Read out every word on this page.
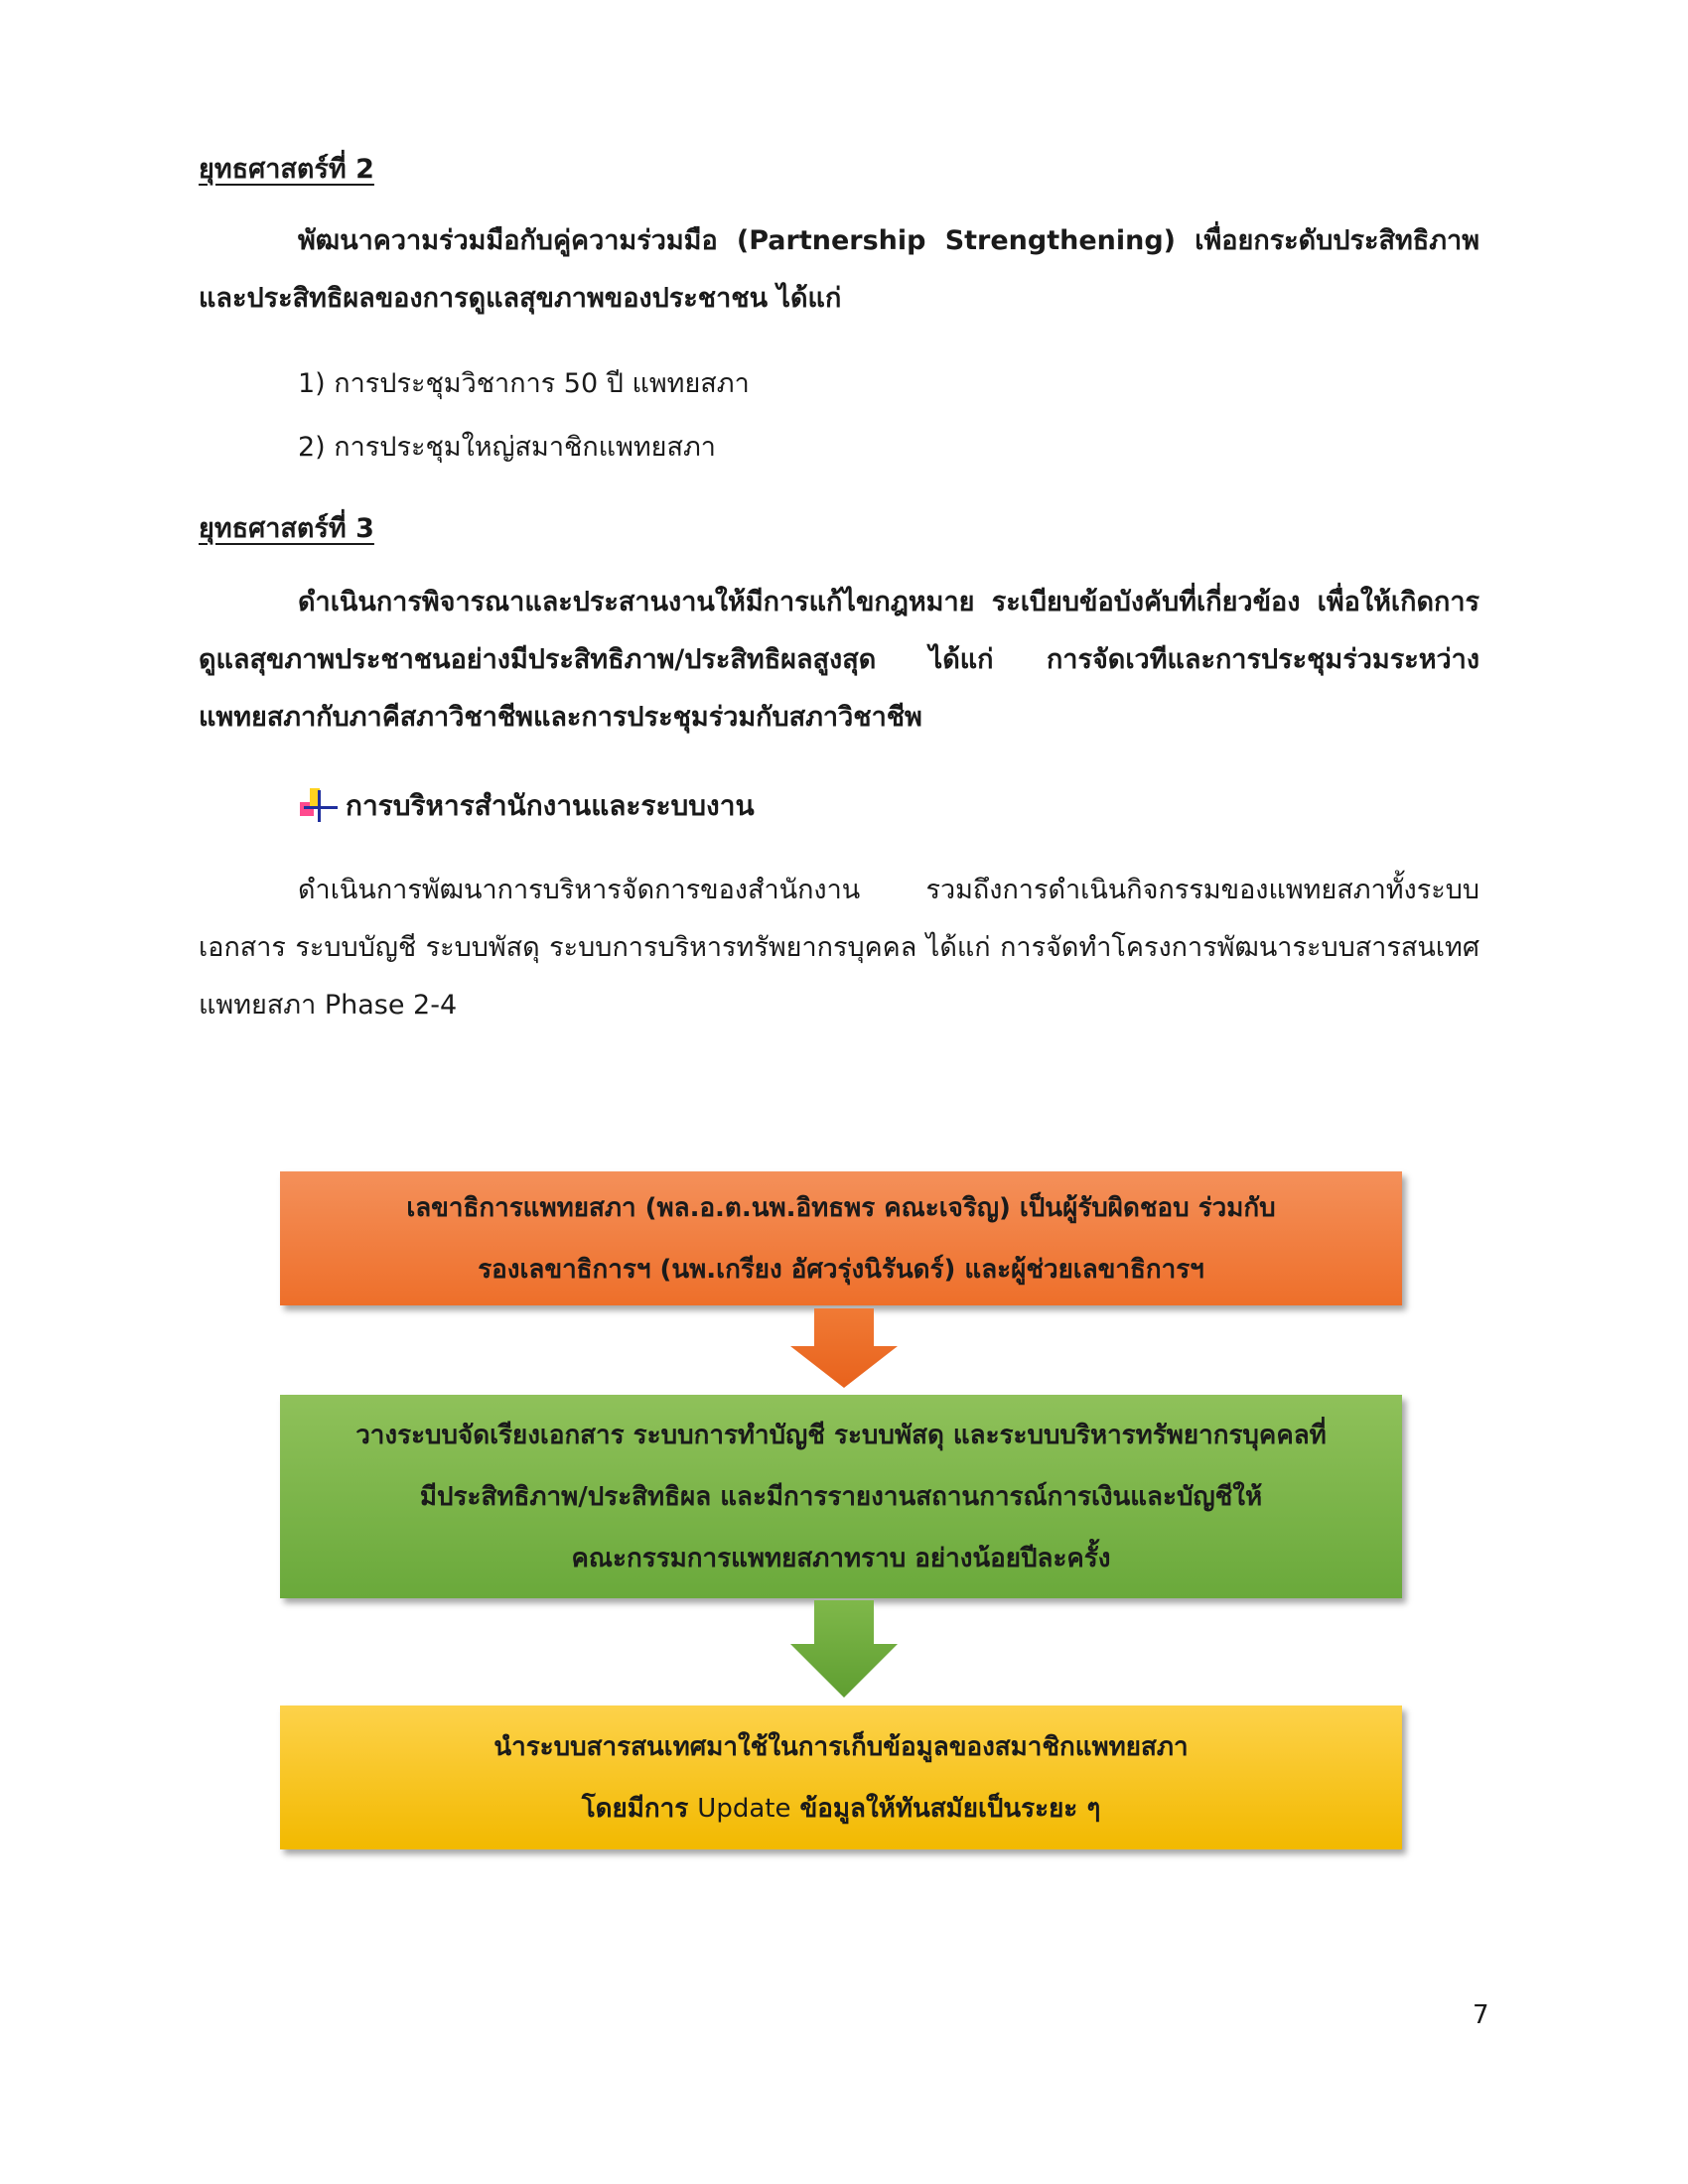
ยุทธศาสตร์ที่ 2

พัฒนาความร่วมมือกับคู่ความร่วมมือ (Partnership Strengthening) เพื่อยกระดับประสิทธิภาพและประสิทธิผลของการดูแลสุขภาพของประชาชน ได้แก่

1) การประชุมวิชาการ 50 ปี แพทยสภา
2) การประชุมใหญ่สมาชิกแพทยสภา
ยุทธศาสตร์ที่ 3

ดำเนินการพิจารณาและประสานงานให้มีการแก้ไขกฎหมาย ระเบียบข้อบังคับที่เกี่ยวข้อง เพื่อให้เกิดการดูแลสุขภาพประชาชนอย่างมีประสิทธิภาพ/ประสิทธิผลสูงสุด ได้แก่ การจัดเวทีและการประชุมร่วมระหว่างแพทยสภากับภาคีสภาวิชาชีพและการประชุมร่วมกับสภาวิชาชีพ

การบริหารสำนักงานและระบบงาน

ดำเนินการพัฒนาการบริหารจัดการของสำนักงาน รวมถึงการดำเนินกิจกรรมของแพทยสภาทั้งระบบเอกสาร ระบบบัญชี ระบบพัสดุ ระบบการบริหารทรัพยากรบุคคล ได้แก่ การจัดทำโครงการพัฒนาระบบสารสนเทศแพทยสภา Phase 2-4

เลขาธิการแพทยสภา (พล.อ.ต.นพ.อิทธพร คณะเจริญ) เป็นผู้รับผิดชอบ ร่วมกับ
รองเลขาธิการฯ (นพ.เกรียง อัศวรุ่งนิรันดร์) และผู้ช่วยเลขาธิการฯ
วางระบบจัดเรียงเอกสาร ระบบการทำบัญชี ระบบพัสดุ และระบบบริหารทรัพยากรบุคคลที่
มีประสิทธิภาพ/ประสิทธิผล และมีการรายงานสถานการณ์การเงินและบัญชีให้
คณะกรรมการแพทยสภาทราบ อย่างน้อยปีละครั้ง
นำระบบสารสนเทศมาใช้ในการเก็บข้อมูลของสมาชิกแพทยสภา
โดยมีการ Update ข้อมูลให้ทันสมัยเป็นระยะ ๆ
7
